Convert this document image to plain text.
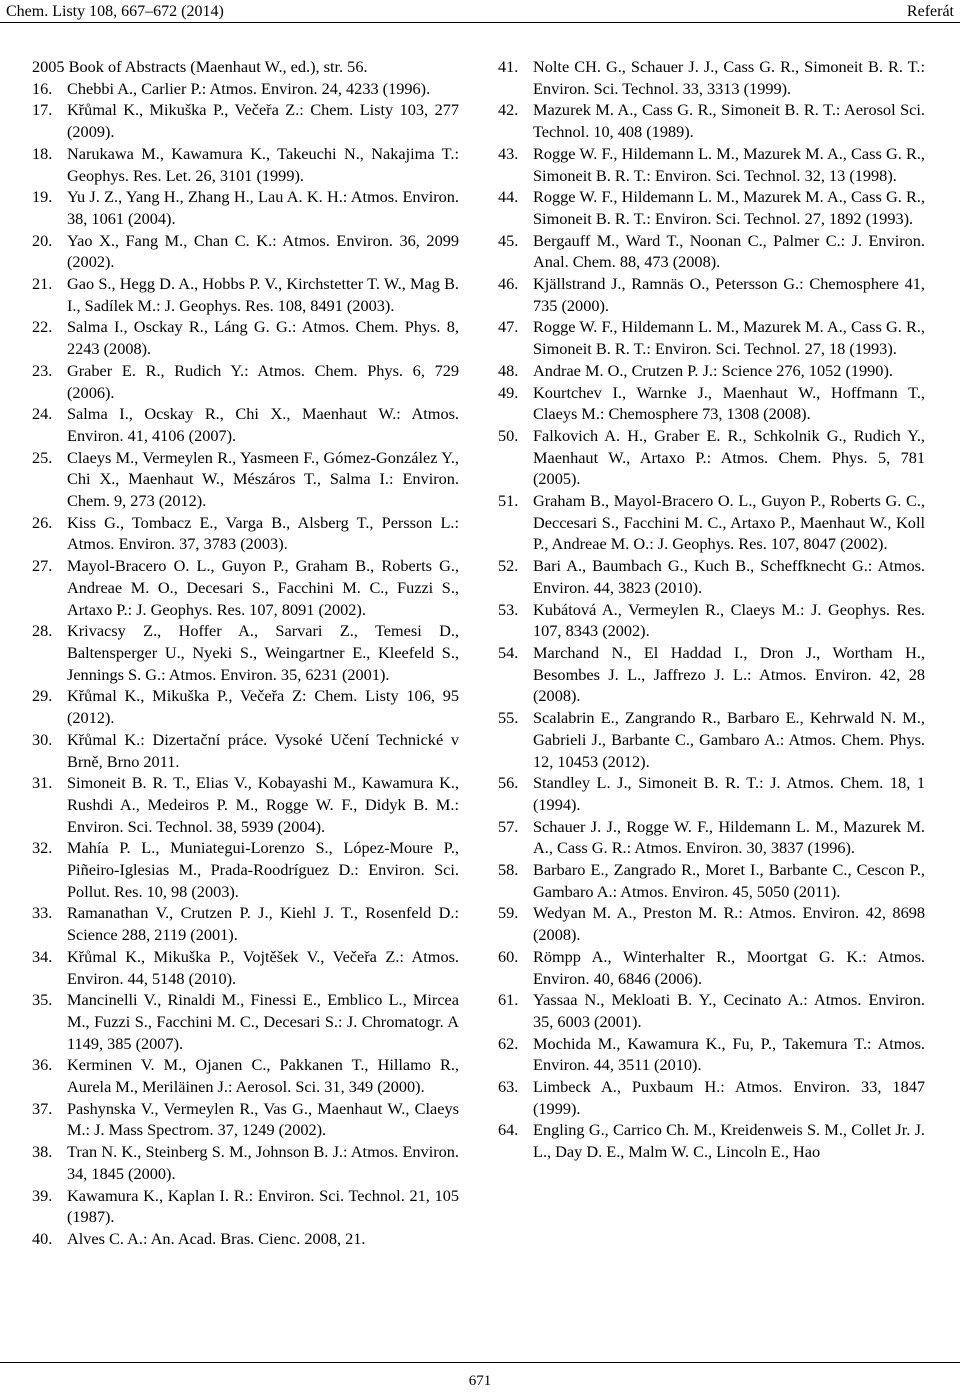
Chem. Listy 108, 667–672 (2014)	Referát
2005 Book of Abstracts (Maenhaut W., ed.), str. 56.
16. Chebbi A., Carlier P.: Atmos. Environ. 24, 4233 (1996).
17. Křůmal K., Mikuška P., Večeřa Z.: Chem. Listy 103, 277 (2009).
18. Narukawa M., Kawamura K., Takeuchi N., Nakajima T.: Geophys. Res. Let. 26, 3101 (1999).
19. Yu J. Z., Yang H., Zhang H., Lau A. K. H.: Atmos. Environ. 38, 1061 (2004).
20. Yao X., Fang M., Chan C. K.: Atmos. Environ. 36, 2099 (2002).
21. Gao S., Hegg D. A., Hobbs P. V., Kirchstetter T. W., Mag B. I., Sadílek M.: J. Geophys. Res. 108, 8491 (2003).
22. Salma I., Osckay R., Láng G. G.: Atmos. Chem. Phys. 8, 2243 (2008).
23. Graber E. R., Rudich Y.: Atmos. Chem. Phys. 6, 729 (2006).
24. Salma I., Ocskay R., Chi X., Maenhaut W.: Atmos. Environ. 41, 4106 (2007).
25. Claeys M., Vermeylen R., Yasmeen F., Gómez-González Y., Chi X., Maenhaut W., Mészáros T., Salma I.: Environ. Chem. 9, 273 (2012).
26. Kiss G., Tombacz E., Varga B., Alsberg T., Persson L.: Atmos. Environ. 37, 3783 (2003).
27. Mayol-Bracero O. L., Guyon P., Graham B., Roberts G., Andreae M. O., Decesari S., Facchini M. C., Fuzzi S., Artaxo P.: J. Geophys. Res. 107, 8091 (2002).
28. Krivacsy Z., Hoffer A., Sarvari Z., Temesi D., Baltensperger U., Nyeki S., Weingartner E., Kleefeld S., Jennings S. G.: Atmos. Environ. 35, 6231 (2001).
29. Křůmal K., Mikuška P., Večeřa Z: Chem. Listy 106, 95 (2012).
30. Křůmal K.: Dizertační práce. Vysoké Učení Technické v Brně, Brno 2011.
31. Simoneit B. R. T., Elias V., Kobayashi M., Kawamura K., Rushdi A., Medeiros P. M., Rogge W. F., Didyk B. M.: Environ. Sci. Technol. 38, 5939 (2004).
32. Mahía P. L., Muniategui-Lorenzo S., López-Moure P., Piñeiro-Iglesias M., Prada-Roodríguez D.: Environ. Sci. Pollut. Res. 10, 98 (2003).
33. Ramanathan V., Crutzen P. J., Kiehl J. T., Rosenfeld D.: Science 288, 2119 (2001).
34. Křůmal K., Mikuška P., Vojtěšek V., Večeřa Z.: Atmos. Environ. 44, 5148 (2010).
35. Mancinelli V., Rinaldi M., Finessi E., Emblico L., Mircea M., Fuzzi S., Facchini M. C., Decesari S.: J. Chromatogr. A 1149, 385 (2007).
36. Kerminen V. M., Ojanen C., Pakkanen T., Hillamo R., Aurela M., Meriläinen J.: Aerosol. Sci. 31, 349 (2000).
37. Pashynska V., Vermeylen R., Vas G., Maenhaut W., Claeys M.: J. Mass Spectrom. 37, 1249 (2002).
38. Tran N. K., Steinberg S. M., Johnson B. J.: Atmos. Environ. 34, 1845 (2000).
39. Kawamura K., Kaplan I. R.: Environ. Sci. Technol. 21, 105 (1987).
40. Alves C. A.: An. Acad. Bras. Cienc. 2008, 21.
41. Nolte CH. G., Schauer J. J., Cass G. R., Simoneit B. R. T.: Environ. Sci. Technol. 33, 3313 (1999).
42. Mazurek M. A., Cass G. R., Simoneit B. R. T.: Aerosol Sci. Technol. 10, 408 (1989).
43. Rogge W. F., Hildemann L. M., Mazurek M. A., Cass G. R., Simoneit B. R. T.: Environ. Sci. Technol. 32, 13 (1998).
44. Rogge W. F., Hildemann L. M., Mazurek M. A., Cass G. R., Simoneit B. R. T.: Environ. Sci. Technol. 27, 1892 (1993).
45. Bergauff M., Ward T., Noonan C., Palmer C.: J. Environ. Anal. Chem. 88, 473 (2008).
46. Kjällstrand J., Ramnäs O., Petersson G.: Chemosphere 41, 735 (2000).
47. Rogge W. F., Hildemann L. M., Mazurek M. A., Cass G. R., Simoneit B. R. T.: Environ. Sci. Technol. 27, 18 (1993).
48. Andrae M. O., Crutzen P. J.: Science 276, 1052 (1990).
49. Kourtchev I., Warnke J., Maenhaut W., Hoffmann T., Claeys M.: Chemosphere 73, 1308 (2008).
50. Falkovich A. H., Graber E. R., Schkolnik G., Rudich Y., Maenhaut W., Artaxo P.: Atmos. Chem. Phys. 5, 781 (2005).
51. Graham B., Mayol-Bracero O. L., Guyon P., Roberts G. C., Deccesari S., Facchini M. C., Artaxo P., Maenhaut W., Koll P., Andreae M. O.: J. Geophys. Res. 107, 8047 (2002).
52. Bari A., Baumbach G., Kuch B., Scheffknecht G.: Atmos. Environ. 44, 3823 (2010).
53. Kubátová A., Vermeylen R., Claeys M.: J. Geophys. Res. 107, 8343 (2002).
54. Marchand N., El Haddad I., Dron J., Wortham H., Besombes J. L., Jaffrezo J. L.: Atmos. Environ. 42, 28 (2008).
55. Scalabrin E., Zangrando R., Barbaro E., Kehrwald N. M., Gabrieli J., Barbante C., Gambaro A.: Atmos. Chem. Phys. 12, 10453 (2012).
56. Standley L. J., Simoneit B. R. T.: J. Atmos. Chem. 18, 1 (1994).
57. Schauer J. J., Rogge W. F., Hildemann L. M., Mazurek M. A., Cass G. R.: Atmos. Environ. 30, 3837 (1996).
58. Barbaro E., Zangrado R., Moret I., Barbante C., Cescon P., Gambaro A.: Atmos. Environ. 45, 5050 (2011).
59. Wedyan M. A., Preston M. R.: Atmos. Environ. 42, 8698 (2008).
60. Römpp A., Winterhalter R., Moortgat G. K.: Atmos. Environ. 40, 6846 (2006).
61. Yassaa N., Mekloati B. Y., Cecinato A.: Atmos. Environ. 35, 6003 (2001).
62. Mochida M., Kawamura K., Fu, P., Takemura T.: Atmos. Environ. 44, 3511 (2010).
63. Limbeck A., Puxbaum H.: Atmos. Environ. 33, 1847 (1999).
64. Engling G., Carrico Ch. M., Kreidenweis S. M., Collet Jr. J. L., Day D. E., Malm W. C., Lincoln E., Hao
671
